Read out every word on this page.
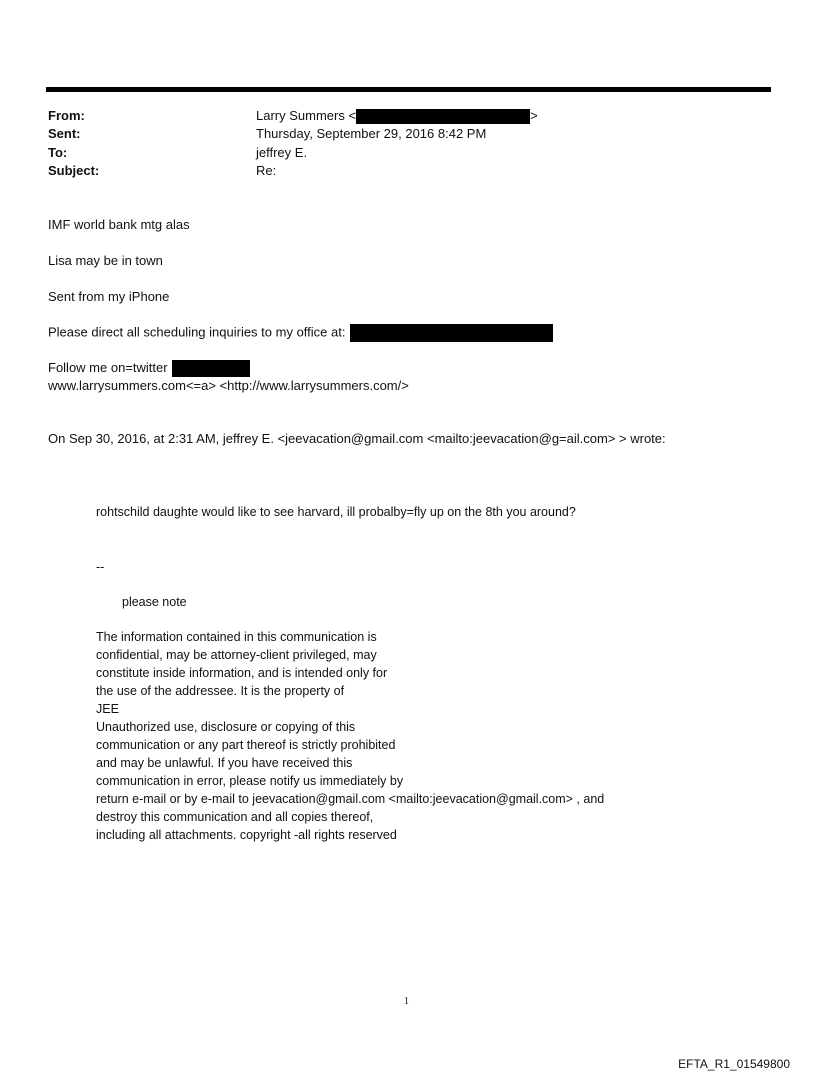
From:	Larry Summers <	>
Sent:	Thursday, September 29, 2016 8:42 PM
To:	jeffrey E.
Subject:	Re:
IMF world bank mtg alas
Lisa may be in town
Sent from my iPhone
Please direct all scheduling inquiries to my office at:
Follow me on=twitter
www.larrysummers.com<=a> <http://www.larrysummers.com/>
On Sep 30, 2016, at 2:31 AM, jeffrey E. <jeevacation@gmail.com <mailto:jeevacation@g=ail.com> > wrote:
rohtschild daughte would like to see harvard, ill probalby=fly up on the 8th you around?
--
please note
The information contained in this communication is
confidential, may be attorney-client privileged, may
constitute inside information, and is intended only for
the use of the addressee. It is the property of
JEE
Unauthorized use, disclosure or copying of this
communication or any part thereof is strictly prohibited
and may be unlawful. If you have received this
communication in error, please notify us immediately by
return e-mail or by e-mail to jeevacation@gmail.com <mailto:jeevacation@gmail.com> , and
destroy this communication and all copies thereof,
including all attachments. copyright -all rights reserved
1
EFTA_R1_01549800
